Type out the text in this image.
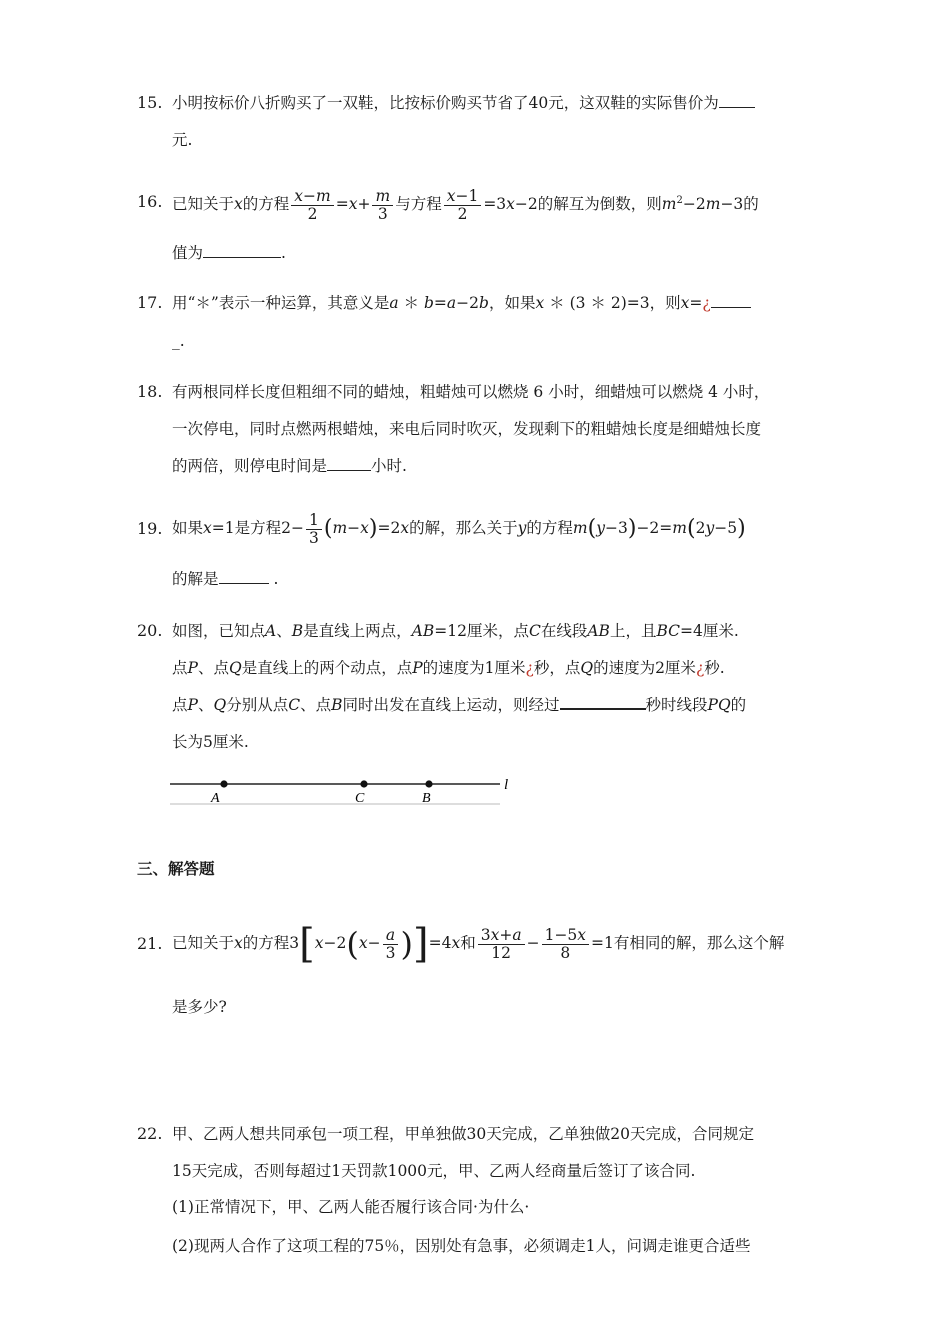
15. 小明按标价八折购买了一双鞋，比按标价购买节省了40元，这双鞋的实际售价为
元.
16. 已知关于x的方程 $\frac{x-m}{2} =x+ \frac{m}{3}$ 与方程 $\frac{x-1}{2} =3x-2$的解互为倒数，则$m^2-2m-3$的
值为	.
17. 用“＊”表示一种运算，其意义是a ＊ b=a−2b，如果x ＊ (3 ＊ 2)=3，则x=¿
_.
18. 有两根同样长度但粗细不同的蜡烛，粗蜡烛可以燃烧 6 小时，细蜡烛可以燃烧 4 小时，
一次停电，同时点燃两根蜡烛，来电后同时吹灭，发现剩下的粗蜡烛长度是细蜡烛长度
的两倍，则停电时间是	小时.
19. 如果x=1是方程$2- \frac{1}{3} (m-x)=2x$的解，那么关于y的方程m(y−3)−2=m(2y−5)
的解是	.
20. 如图，已知点A、B是直线上两点，AB=12厘米，点C在线段AB上，且BC=4厘米.
点P、点Q是直线上的两个动点，点P的速度为1厘米¿秒，点Q的速度为2厘米¿秒.
点P、Q分别从点C、点B同时出发在直线上运动，则经过	秒时线段PQ的
长为5厘米.
A	C	B
l
三、解答题
21. 已知关于x的方程$3[x-2(x- \frac{a}{3} )]=4x$和 $\frac{3x+a}{12} - \frac{1-5x}{8} =1$有相同的解，那么这个解
是多少?
22. 甲、乙两人想共同承包一项工程，甲单独做30天完成，乙单独做20天完成，合同规定
15天完成，否则每超过1天罚款1000元，甲、乙两人经商量后签订了该合同.
(1)正常情况下，甲、乙两人能否履行该合同·为什么·
(2)现两人合作了这项工程的75％，因别处有急事，必须调走1人，问调走谁更合适些
